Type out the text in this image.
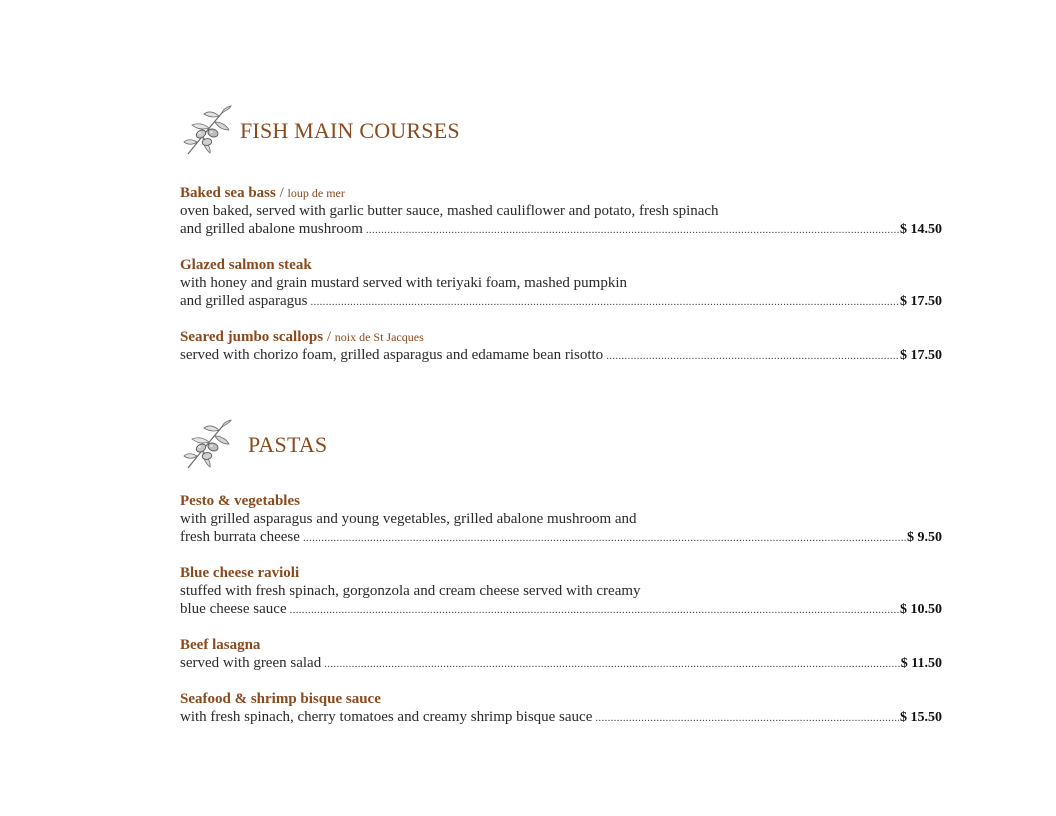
FISH MAIN COURSES
Baked sea bass / loup de mer
oven baked, served with garlic butter sauce, mashed cauliflower and potato, fresh spinach
and grilled abalone mushroom .....	$ 14.50
Glazed salmon steak
with honey and grain mustard served with teriyaki foam, mashed pumpkin
and grilled asparagus .....	$ 17.50
Seared jumbo scallops / noix de St Jacques
served with chorizo foam, grilled asparagus and edamame bean risotto .....	$ 17.50
PASTAS
Pesto & vegetables
with grilled asparagus and young vegetables, grilled abalone mushroom and
fresh burrata cheese .....	$ 9.50
Blue cheese ravioli
stuffed with fresh spinach, gorgonzola and cream cheese served with creamy
blue cheese sauce .....	$ 10.50
Beef lasagna
served with green salad .....	$ 11.50
Seafood & shrimp bisque sauce
with fresh spinach, cherry tomatoes and creamy shrimp bisque sauce .....	$ 15.50
